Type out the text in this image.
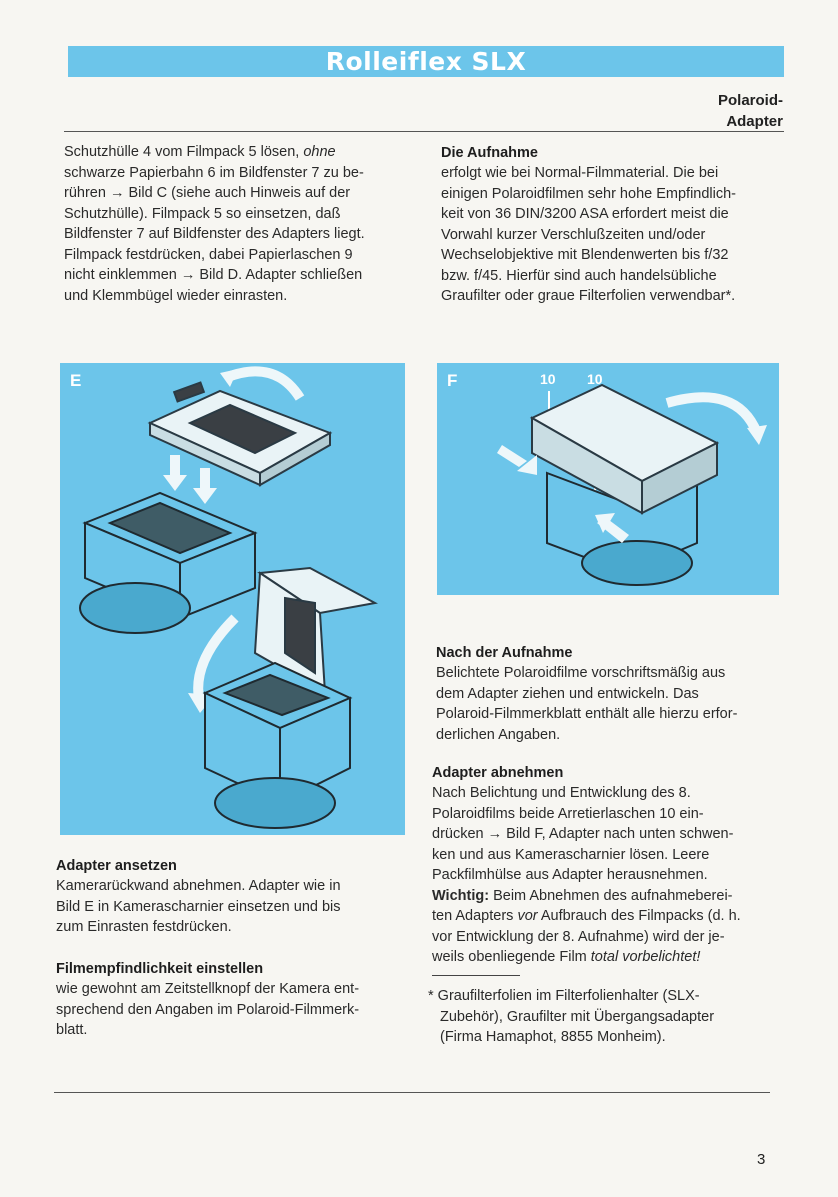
Rolleiflex SLX
Polaroid-
Adapter

Schutzhülle 4 vom Filmpack 5 lösen, ohne

schwarze Papierbahn 6 im Bildfenster 7 zu be-

rühren → Bild C (siehe auch Hinweis auf der

Schutzhülle). Filmpack 5 so einsetzen, daß

Bildfenster 7 auf Bildfenster des Adapters liegt.

Filmpack festdrücken, dabei Papierlaschen 9

nicht einklemmen → Bild D. Adapter schließen

und Klemmbügel wieder einrasten.

Die Aufnahme

erfolgt wie bei Normal-Filmmaterial. Die bei

einigen Polaroidfilmen sehr hohe Empfindlich-

keit von 36 DIN/3200 ASA erfordert meist die

Vorwahl kurzer Verschlußzeiten und/oder

Wechselobjektive mit Blendenwerten bis f/32

bzw. f/45. Hierfür sind auch handelsübliche

Graufilter oder graue Filterfolien verwendbar*.

E	F	10 10
Nach der Aufnahme

Belichtete Polaroidfilme vorschriftsmäßig aus

dem Adapter ziehen und entwickeln. Das

Polaroid-Filmmerkblatt enthält alle hierzu erfor-

derlichen Angaben.

Adapter abnehmen

Nach Belichtung und Entwicklung des 8.

Polaroidfilms beide Arretierlaschen 10 ein-

drücken → Bild F, Adapter nach unten schwen-

ken und aus Kamerascharnier lösen. Leere

Packfilmhülse aus Adapter herausnehmen.

Wichtig: Beim Abnehmen des aufnahmeberei-

ten Adapters vor Aufbrauch des Filmpacks (d. h.

vor Entwicklung der 8. Aufnahme) wird der je-

weils obenliegende Film total vorbelichtet!

* Graufilterfolien im Filterfolienhalter (SLX-

Zubehör), Graufilter mit Übergangsadapter

(Firma Hamaphot, 8855 Monheim).

Adapter ansetzen

Kamerarückwand abnehmen. Adapter wie in

Bild E in Kamerascharnier einsetzen und bis

zum Einrasten festdrücken.

Filmempfindlichkeit einstellen

wie gewohnt am Zeitstellknopf der Kamera ent-

sprechend den Angaben im Polaroid-Filmmerk-

blatt.

3
